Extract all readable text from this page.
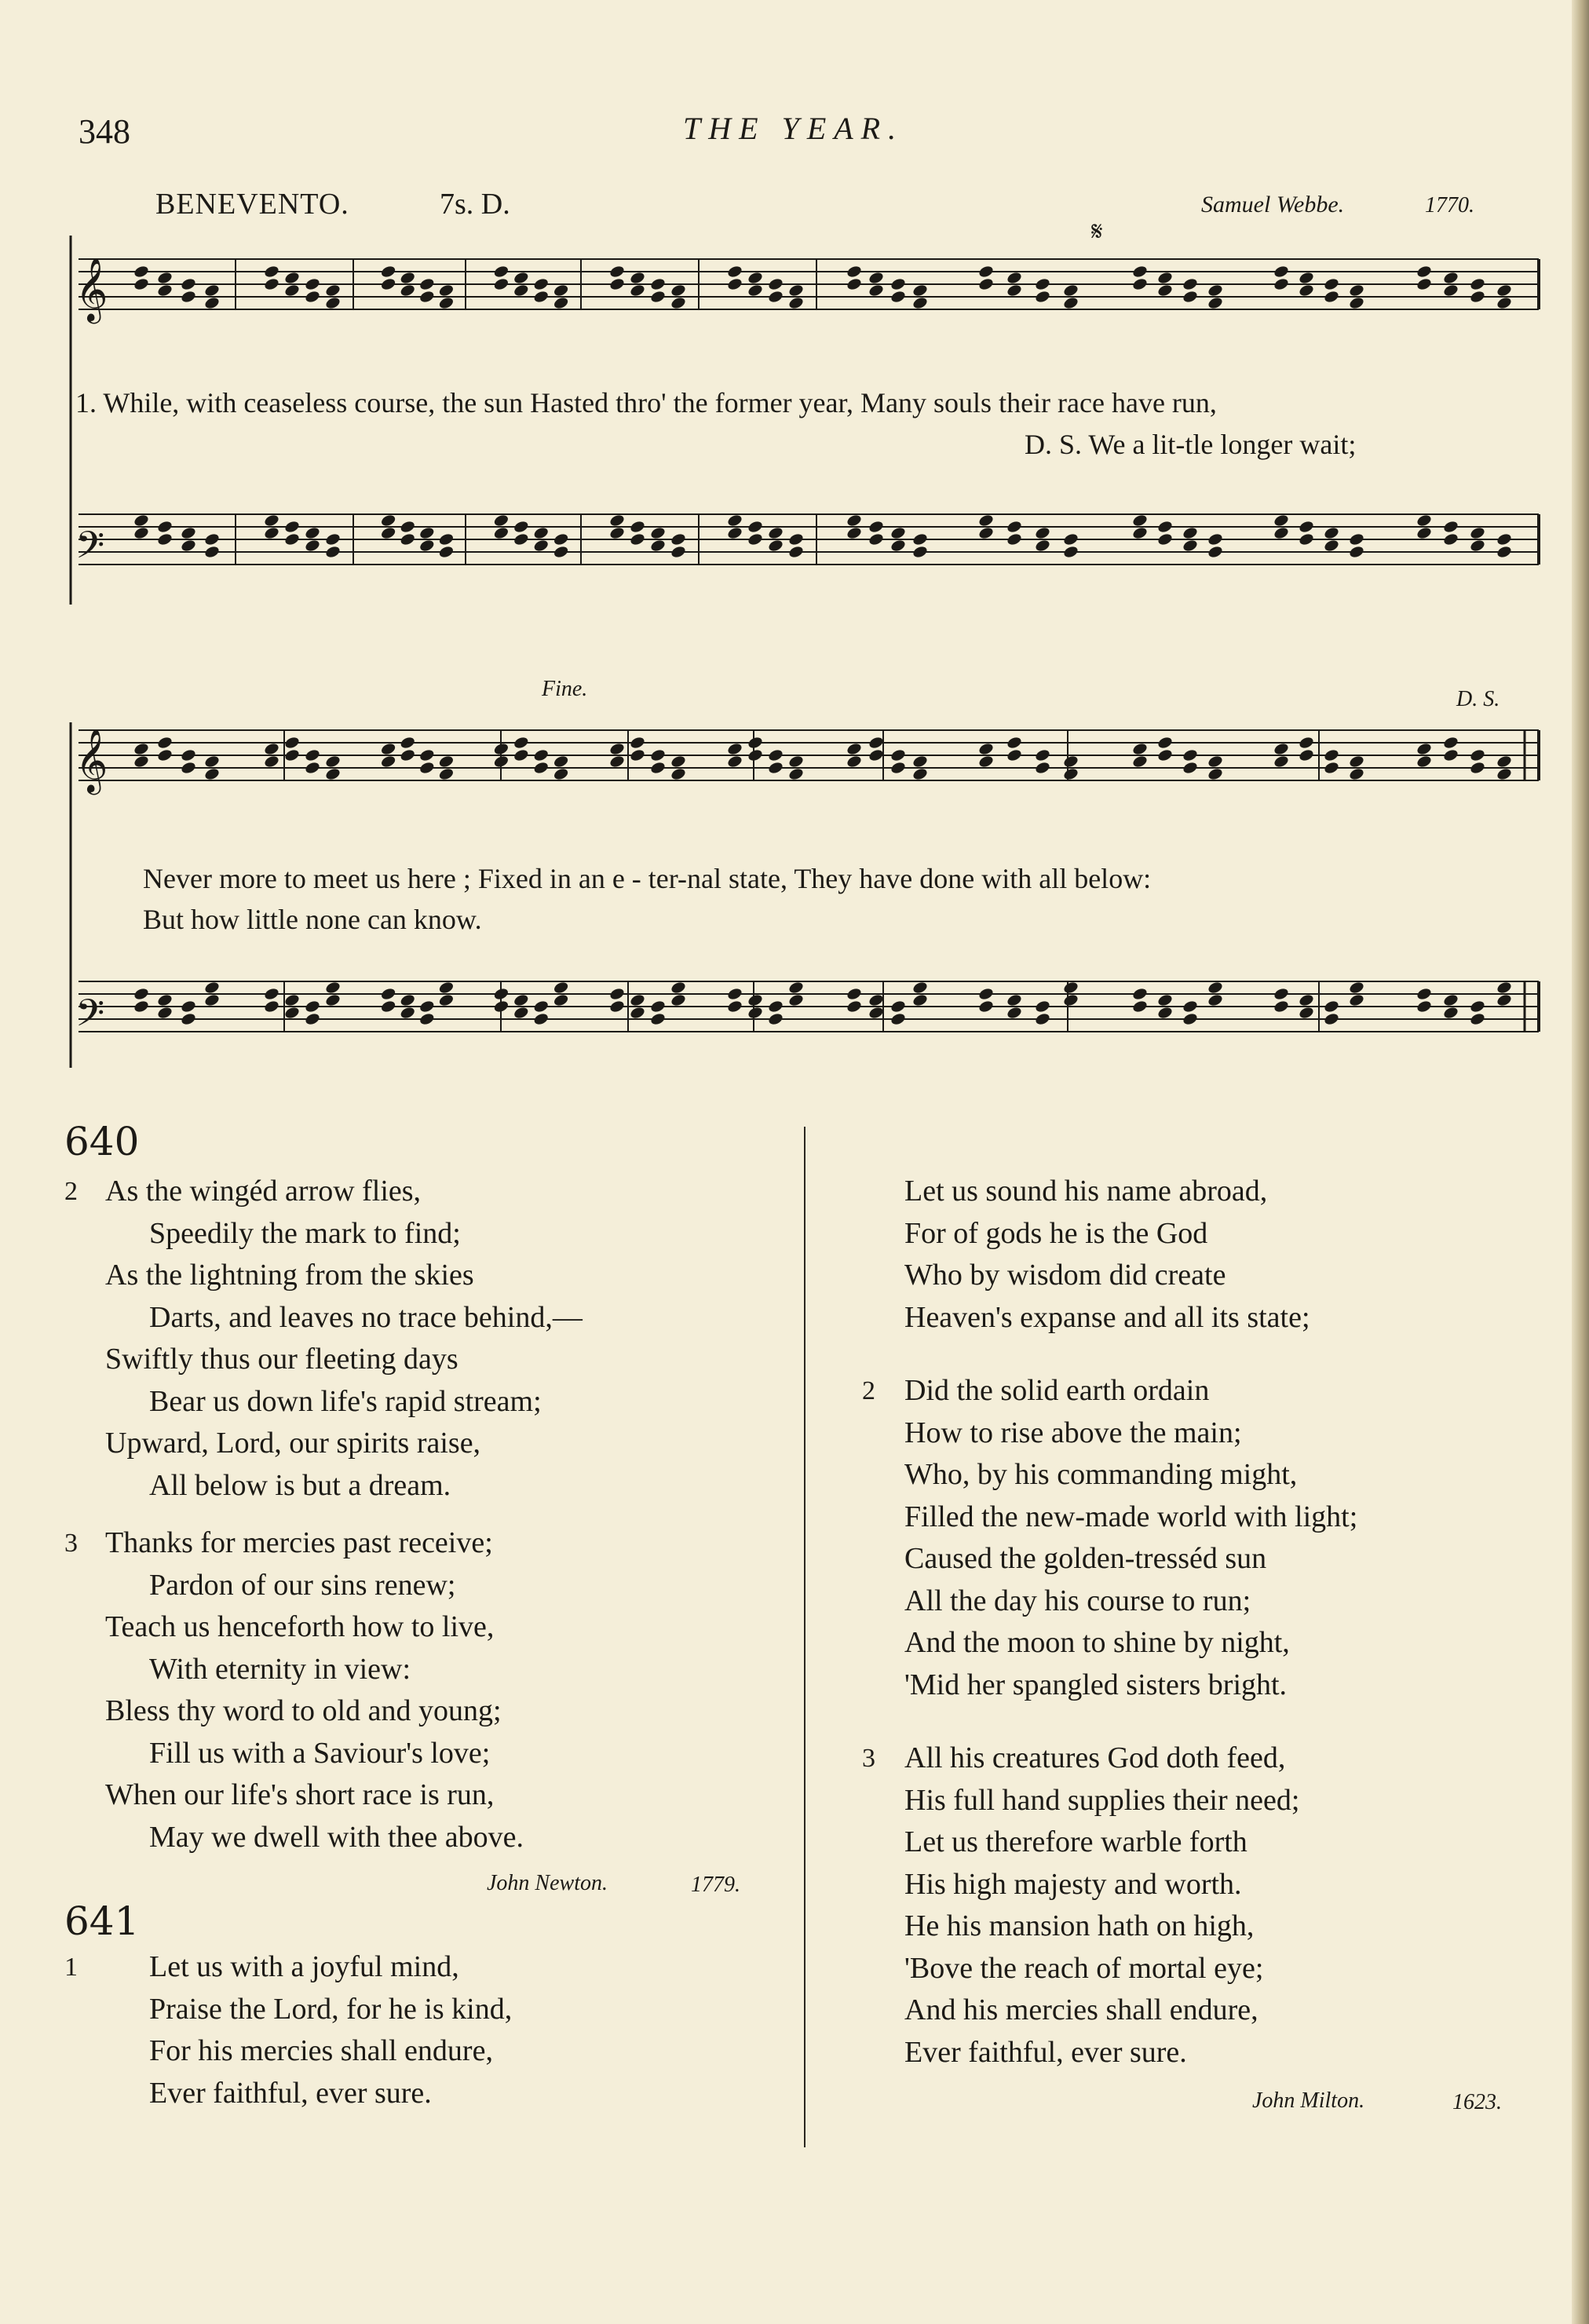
348	THE YEAR.
BENEVENTO.	7s. D.	Samuel Webbe.	1770.
𝄞
𝄢
𝄋
𝄞
𝄢
1. While, with ceaseless course, the sun Hasted thro' the former year, Many souls their race have run,
D. S. We a lit-tle longer wait;
Fine.	D. S.
Never more to meet us here ; Fixed in an e - ter-nal state, They have done with all below:
But how little none can know.
640
2 As the wingéd arrow flies,
Speedily the mark to find;
As the lightning from the skies
Darts, and leaves no trace behind,—
Swiftly thus our fleeting days
Bear us down life's rapid stream;
Upward, Lord, our spirits raise,
All below is but a dream.
3 Thanks for mercies past receive;
Pardon of our sins renew;
Teach us henceforth how to live,
With eternity in view:
Bless thy word to old and young;
Fill us with a Saviour's love;
When our life's short race is run,
May we dwell with thee above.
John Newton.	1779.
641
1 Let us with a joyful mind,
Praise the Lord, for he is kind,
For his mercies shall endure,
Ever faithful, ever sure.
Let us sound his name abroad,
For of gods he is the God
Who by wisdom did create
Heaven's expanse and all its state;
2 Did the solid earth ordain
How to rise above the main;
Who, by his commanding might,
Filled the new-made world with light;
Caused the golden-tresséd sun
All the day his course to run;
And the moon to shine by night,
'Mid her spangled sisters bright.
3 All his creatures God doth feed,
His full hand supplies their need;
Let us therefore warble forth
His high majesty and worth.
He his mansion hath on high,
'Bove the reach of mortal eye;
And his mercies shall endure,
Ever faithful, ever sure.
John Milton.	1623.
